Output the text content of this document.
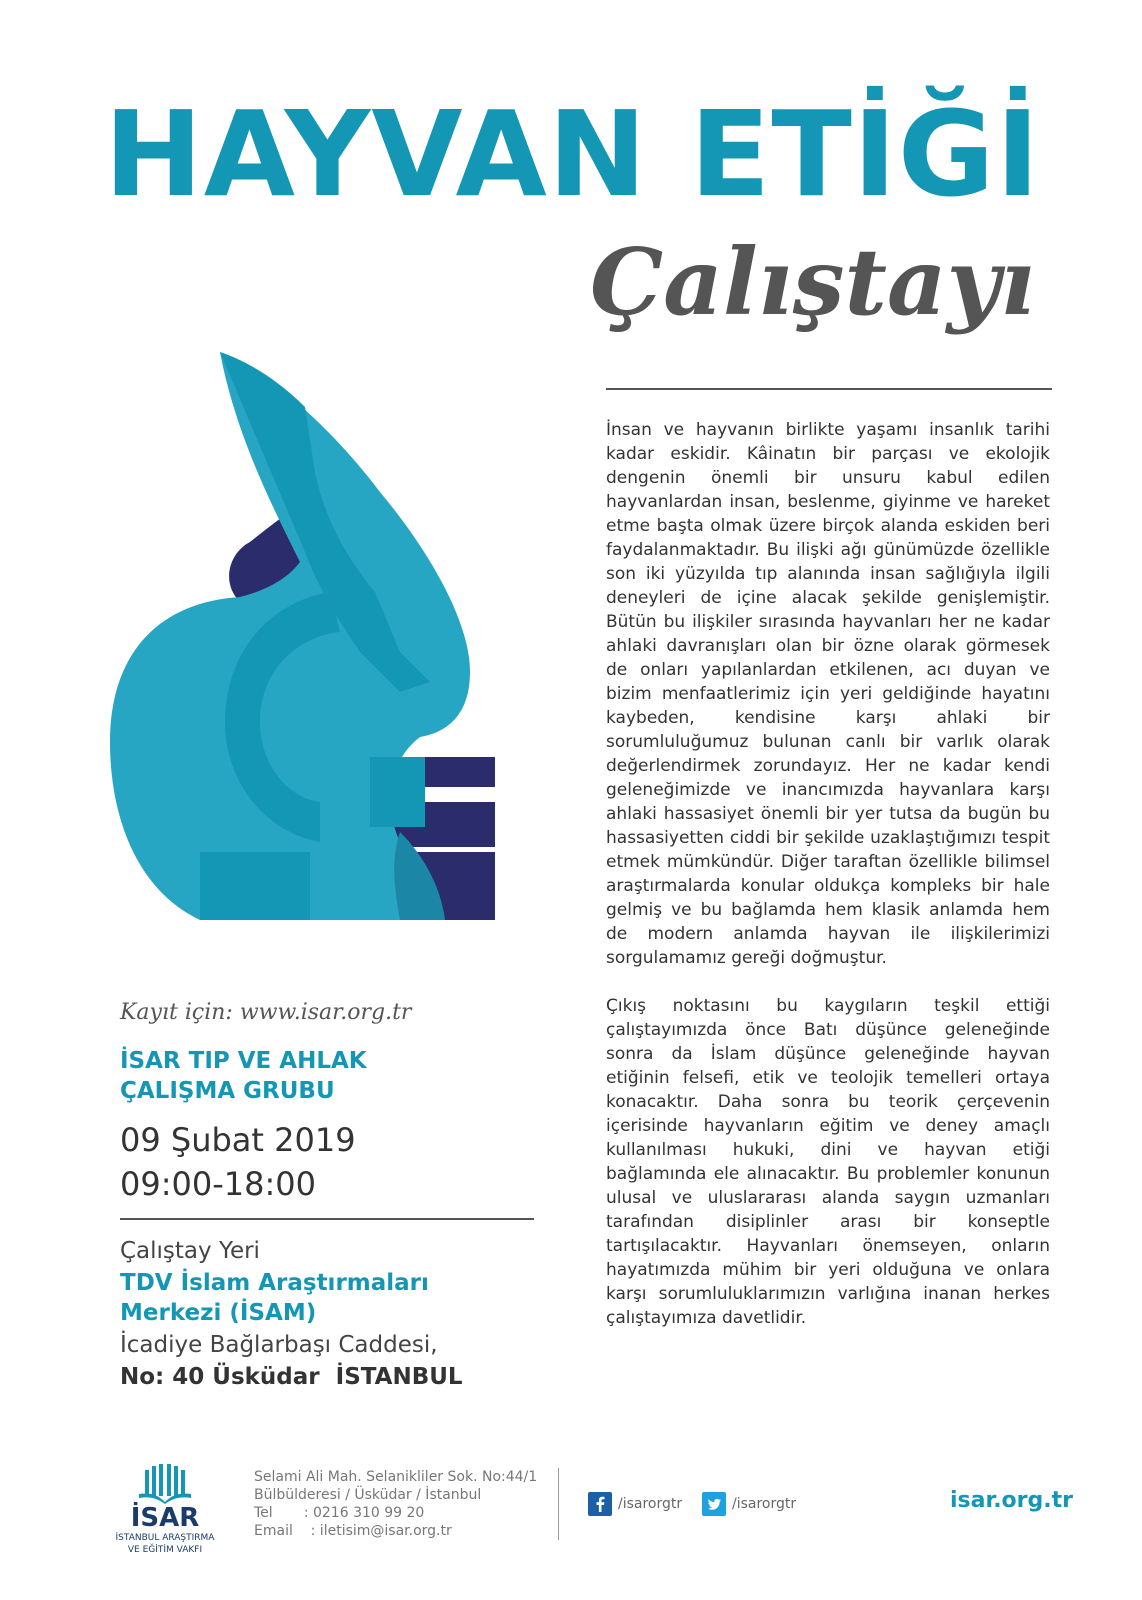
HAYVAN ETİĞİ
Çalıştayı

İnsan ve hayvanın birlikte yaşamı insanlık tarihi kadar eskidir. Kâinatın bir parçası ve ekolojik dengenin önemli bir unsuru kabul edilen hayvanlardan insan, beslenme, giyinme ve hareket etme başta olmak üzere birçok alanda eskiden beri faydalanmaktadır. Bu ilişki ağı günümüzde özellikle son iki yüzyılda tıp alanında insan sağlığıyla ilgili deneyleri de içine alacak şekilde genişlemiştir. Bütün bu ilişkiler sırasında hayvanları her ne kadar ahlaki davranışları olan bir özne olarak görmesek de onları yapılanlardan etkilenen, acı duyan ve bizim menfaatlerimiz için yeri geldiğinde hayatını kaybeden, kendisine karşı ahlaki bir sorumluluğumuz bulunan canlı bir varlık olarak değerlendirmek zorundayız. Her ne kadar kendi geleneğimizde ve inancımızda hayvanlara karşı ahlaki hassasiyet önemli bir yer tutsa da bugün bu hassasiyetten ciddi bir şekilde uzaklaştığımızı tespit etmek mümkündür. Diğer taraftan özellikle bilimsel araştırmalarda konular oldukça kompleks bir hale gelmiş ve bu bağlamda hem klasik anlamda hem de modern anlamda hayvan ile ilişkilerimizi sorgulamamız gereği doğmuştur.

Çıkış noktasını bu kaygıların teşkil ettiği çalıştayımızda önce Batı düşünce geleneğinde sonra da İslam düşünce geleneğinde hayvan etiğinin felsefi, etik ve teolojik temelleri ortaya konacaktır. Daha sonra bu teorik çerçevenin içerisinde hayvanların eğitim ve deney amaçlı kullanılması hukuki, dini ve hayvan etiği bağlamında ele alınacaktır. Bu problemler konunun ulusal ve uluslararası alanda saygın uzmanları tarafından disiplinler arası bir konseptle tartışılacaktır. Hayvanları önemseyen, onların hayatımızda mühim bir yeri olduğuna ve onlara karşı sorumluluklarımızın varlığına inanan herkes çalıştayımıza davetlidir.

Kayıt için: www.isar.org.tr
İSAR TIP VE AHLAK
ÇALIŞMA GRUBU
09 Şubat 2019
09:00-18:00
Çalıştay Yeri
TDV İslam Araştırmaları
Merkezi (İSAM)
İcadiye Bağlarbaşı Caddesi,
No: 40 Üsküdar  İSTANBUL
İSAR
İSTANBUL ARAŞTIRMA
VE EĞİTİM VAKFI
Selami Ali Mah. Selanikliler Sok. No:44/1
Bülbülderesi / Üsküdar / İstanbul
Tel       : 0216 310 99 20
Email    : iletisim@isar.org.tr
/isarorgtr	/isarorgtr	isar.org.tr
